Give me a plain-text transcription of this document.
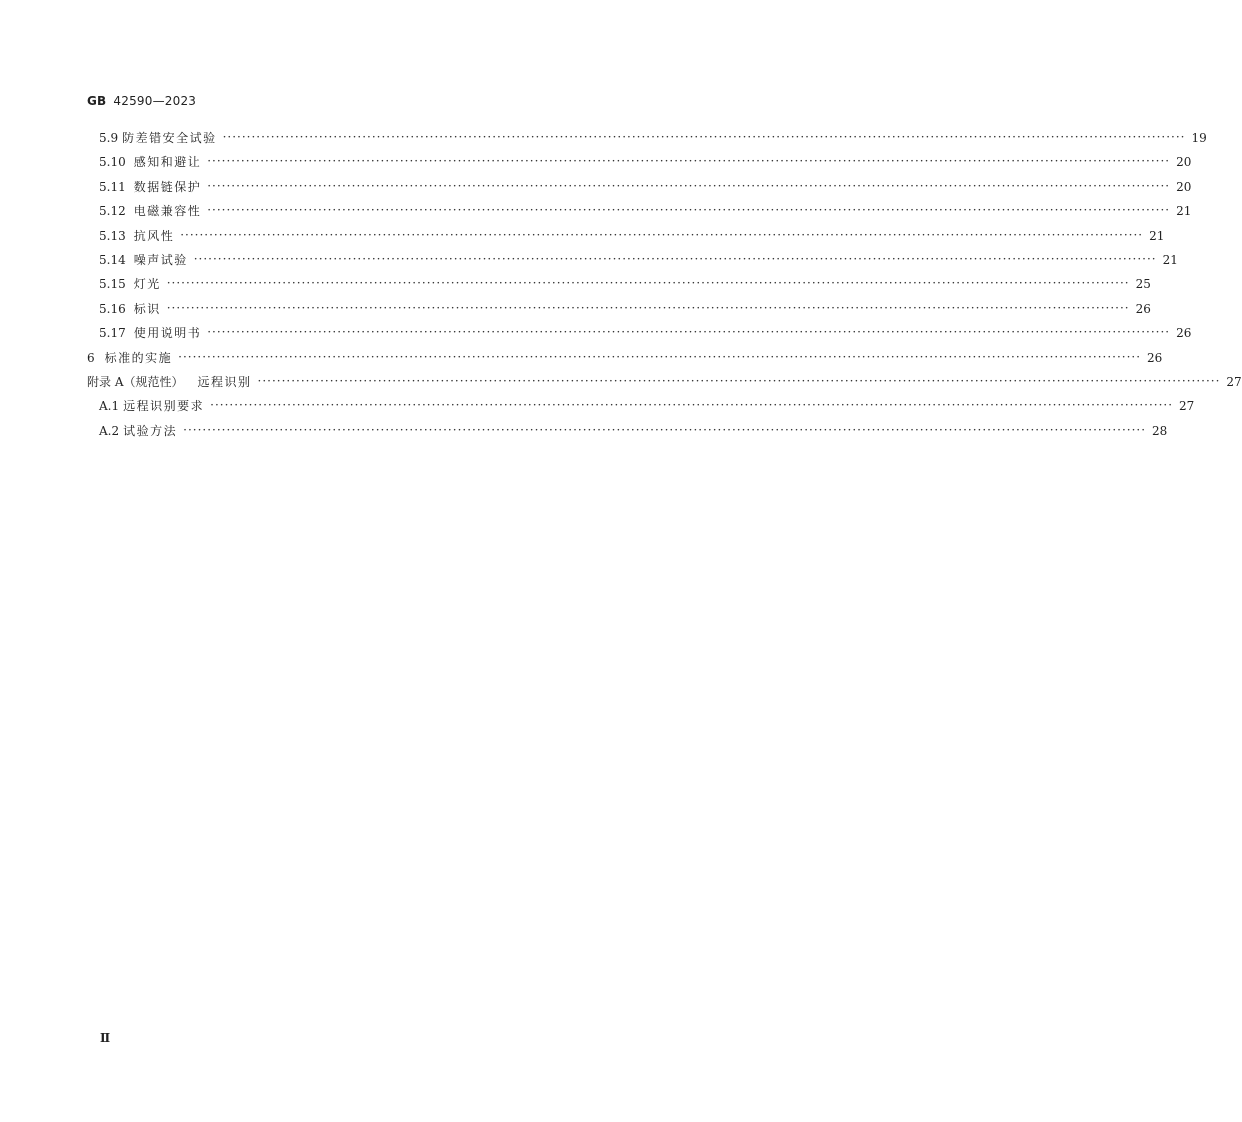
GB 42590—2023
5.9 防差错安全试验 ········································································································································································································ 19
5.10 感知和避让 ········································································································································································································ 20
5.11 数据链保护 ········································································································································································································ 20
5.12 电磁兼容性 ········································································································································································································ 21
5.13 抗风性 ········································································································································································································ 21
5.14 噪声试验 ········································································································································································································ 21
5.15 灯光 ········································································································································································································ 25
5.16 标识 ········································································································································································································ 26
5.17 使用说明书 ········································································································································································································ 26
6 标准的实施 ········································································································································································································ 26
附录 A（规范性）	远程识别 ········································································································································································································ 27
A.1 远程识别要求 ········································································································································································································ 27
A.2 试验方法 ········································································································································································································ 28
Ⅱ
